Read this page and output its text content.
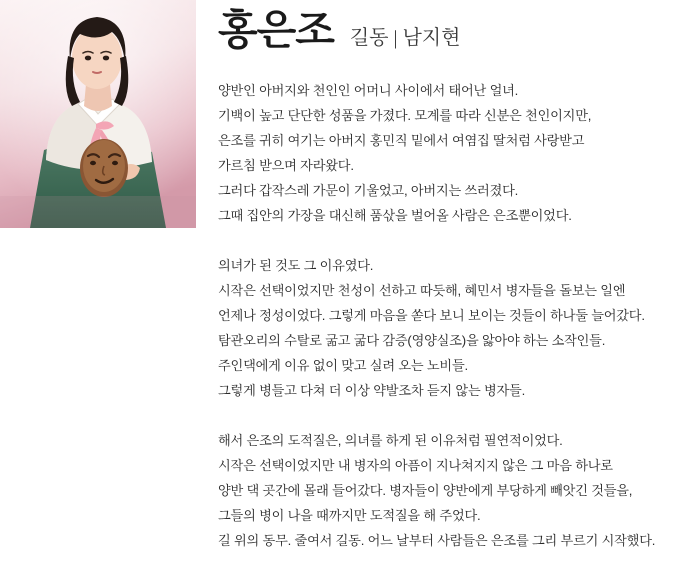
홍은조 길동 | 남지현

양반인 아버지와 천인인 어머니 사이에서 태어난 얼녀.
기백이 높고 단단한 성품을 가졌다. 모계를 따라 신분은 천인이지만,
은조를 귀히 여기는 아버지 홍민직 밑에서 여염집 딸처럼 사랑받고
가르침 받으며 자라왔다.
그러다 갑작스레 가문이 기울었고, 아버지는 쓰러졌다.
그때 집안의 가장을 대신해 품삯을 벌어올 사람은 은조뿐이었다.

의녀가 된 것도 그 이유였다.
시작은 선택이었지만 천성이 선하고 따듯해, 혜민서 병자들을 돌보는 일엔
언제나 정성이었다. 그렇게 마음을 쏟다 보니 보이는 것들이 하나둘 늘어갔다.
탐관오리의 수탈로 굶고 굶다 감증(영양실조)을 앓아야 하는 소작인들.
주인댁에게 이유 없이 맞고 실려 오는 노비들.
그렇게 병들고 다쳐 더 이상 약발조차 듣지 않는 병자들.

해서 은조의 도적질은, 의녀를 하게 된 이유처럼 필연적이었다.
시작은 선택이었지만 내 병자의 아픔이 지나쳐지지 않은 그 마음 하나로
양반 댁 곳간에 몰래 들어갔다. 병자들이 양반에게 부당하게 빼앗긴 것들을,
그들의 병이 나을 때까지만 도적질을 해 주었다.
길 위의 동무. 줄여서 길동. 어느 날부터 사람들은 은조를 그리 부르기 시작했다.
